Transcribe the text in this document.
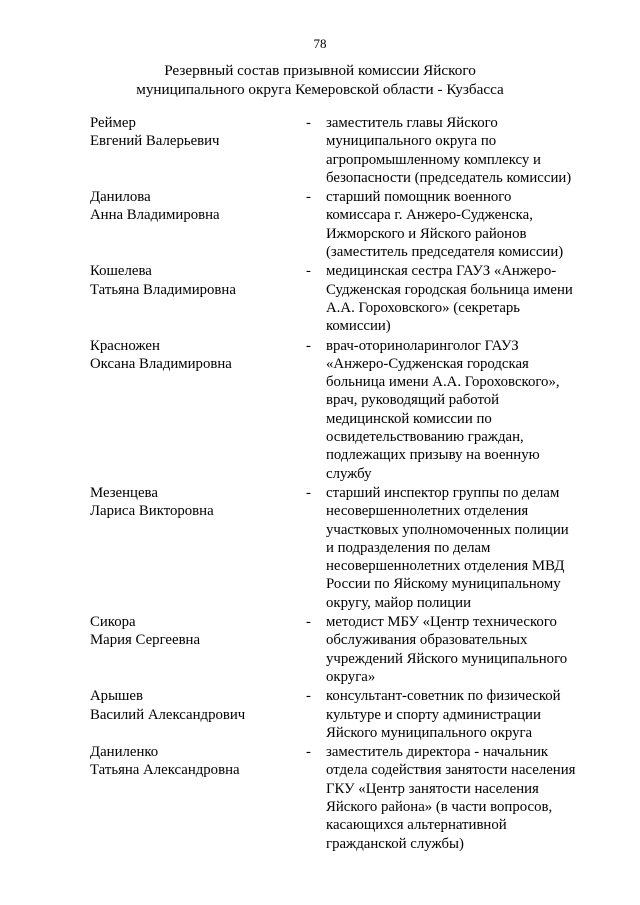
78
Резервный состав призывной комиссии Яйского
муниципального округа Кемеровской области - Кузбасса
Реймер
Евгений Валерьевич
- заместитель главы Яйского
муниципального округа по
агропромышленному комплексу и
безопасности (председатель комиссии)
Данилова
Анна Владимировна
- старший помощник военного
комиссара г. Анжеро-Судженска,
Ижморского и Яйского районов
(заместитель председателя комиссии)
Кошелева
Татьяна Владимировна
- медицинская сестра ГАУЗ «Анжеро-
Судженская городская больница имени
А.А. Гороховского» (секретарь
комиссии)
Красножен
Оксана Владимировна
- врач-оториноларинголог ГАУЗ
«Анжеро-Судженская городская
больница имени А.А. Гороховского»,
врач, руководящий работой
медицинской комиссии по
освидетельствованию граждан,
подлежащих призыву на военную
службу
Мезенцева
Лариса Викторовна
- старший инспектор группы по делам
несовершеннолетних отделения
участковых уполномоченных полиции
и подразделения по делам
несовершеннолетних отделения МВД
России по Яйскому муниципальному
округу, майор полиции
Сикора
Мария Сергеевна
- методист МБУ «Центр технического
обслуживания образовательных
учреждений Яйского муниципального
округа»
Арышев
Василий Александрович
- консультант-советник по физической
культуре и спорту администрации
Яйского муниципального округа
Даниленко
Татьяна Александровна
- заместитель директора - начальник
отдела содействия занятости населения
ГКУ «Центр занятости населения
Яйского района» (в части вопросов,
касающихся альтернативной
гражданской службы)
